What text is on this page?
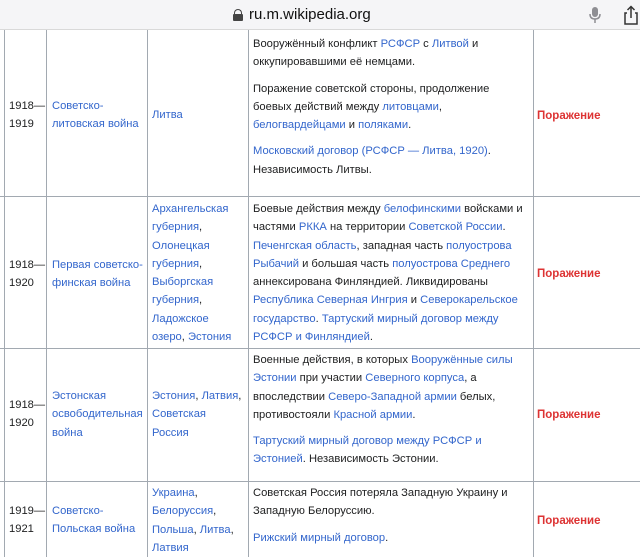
ru.m.wikipedia.org
1918—
1919
Советско-
литовская война
Литва
Вооружённый конфликт РСФСР с Литвой и
оккупировавшими её немцами.
Поражение советской стороны, продолжение
боевых действий между литовцами,
белогвардейцами и поляками.
Московский договор (РСФСР — Литва, 1920).
Независимость Литвы.
Поражение
1918—
1920
Первая советско-
финская война
Архангельская
губерния,
Олонецкая
губерния,
Выборгская
губерния,
Ладожское
озеро, Эстония
Боевые действия между белофинскими войсками и
частями РККА на территории Советской России.
Печенгская область, западная часть полуострова
Рыбачий и большая часть полуострова Среднего
аннексирована Финляндией. Ликвидированы
Республика Северная Ингрия и Северокарельское
государство. Тартуский мирный договор между
РСФСР и Финляндией.
Поражение
1918—
1920
Эстонская
освободительная
война
Эстония, Латвия,
Советская
Россия
Военные действия, в которых Вооружённые силы
Эстонии при участии Северного корпуса, а
впоследствии Северо-Западной армии белых,
противостояли Красной армии.
Тартуский мирный договор между РСФСР и
Эстонией. Независимость Эстонии.
Поражение
1919—
1921
Советско-
Польская война
Украина,
Белоруссия,
Польша, Литва,
Латвия
Советская Россия потеряла Западную Украину и
Западную Белоруссию.
Рижский мирный договор.
Поражение
